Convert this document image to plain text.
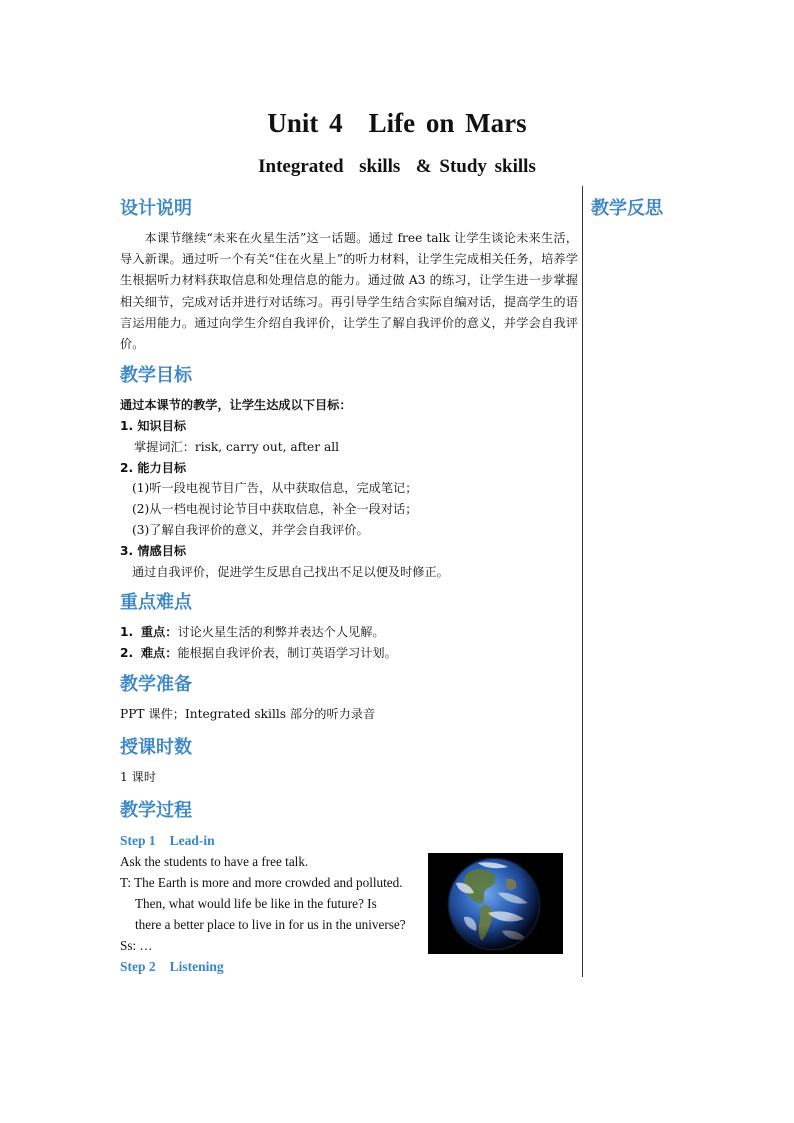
Unit 4 Life on Mars
Integrated  skills  & Study skills
教学反思
设计说明

本课节继续“未来在火星生活”这一话题。通过 free talk 让学生谈论未来生活，导入新课。通过听一个有关“住在火星上”的听力材料，让学生完成相关任务，培养学生根据听力材料获取信息和处理信息的能力。通过做 A3 的练习，让学生进一步掌握相关细节，完成对话并进行对话练习。再引导学生结合实际自编对话，提高学生的语言运用能力。通过向学生介绍自我评价，让学生了解自我评价的意义，并学会自我评价。

教学目标

通过本课节的教学，让学生达成以下目标：

1. 知识目标

掌握词汇：risk, carry out, after all

2. 能力目标

(1)听一段电视节目广告，从中获取信息，完成笔记；

(2)从一档电视讨论节目中获取信息，补全一段对话；

(3)了解自我评价的意义，并学会自我评价。

3. 情感目标

通过自我评价，促进学生反思自己找出不足以便及时修正。

重点难点

1. 重点：讨论火星生活的利弊并表达个人见解。

2. 难点：能根据自我评价表，制订英语学习计划。

教学准备

PPT 课件；Integrated skills 部分的听力录音

授课时数

1 课时

教学过程

Step 1 Lead-in

Ask the students to have a free talk.

T: The Earth is more and more crowded and polluted.

Then, what would life be like in the future? Is

there a better place to live in for us in the universe?

Ss: …

Step 2 Listening
